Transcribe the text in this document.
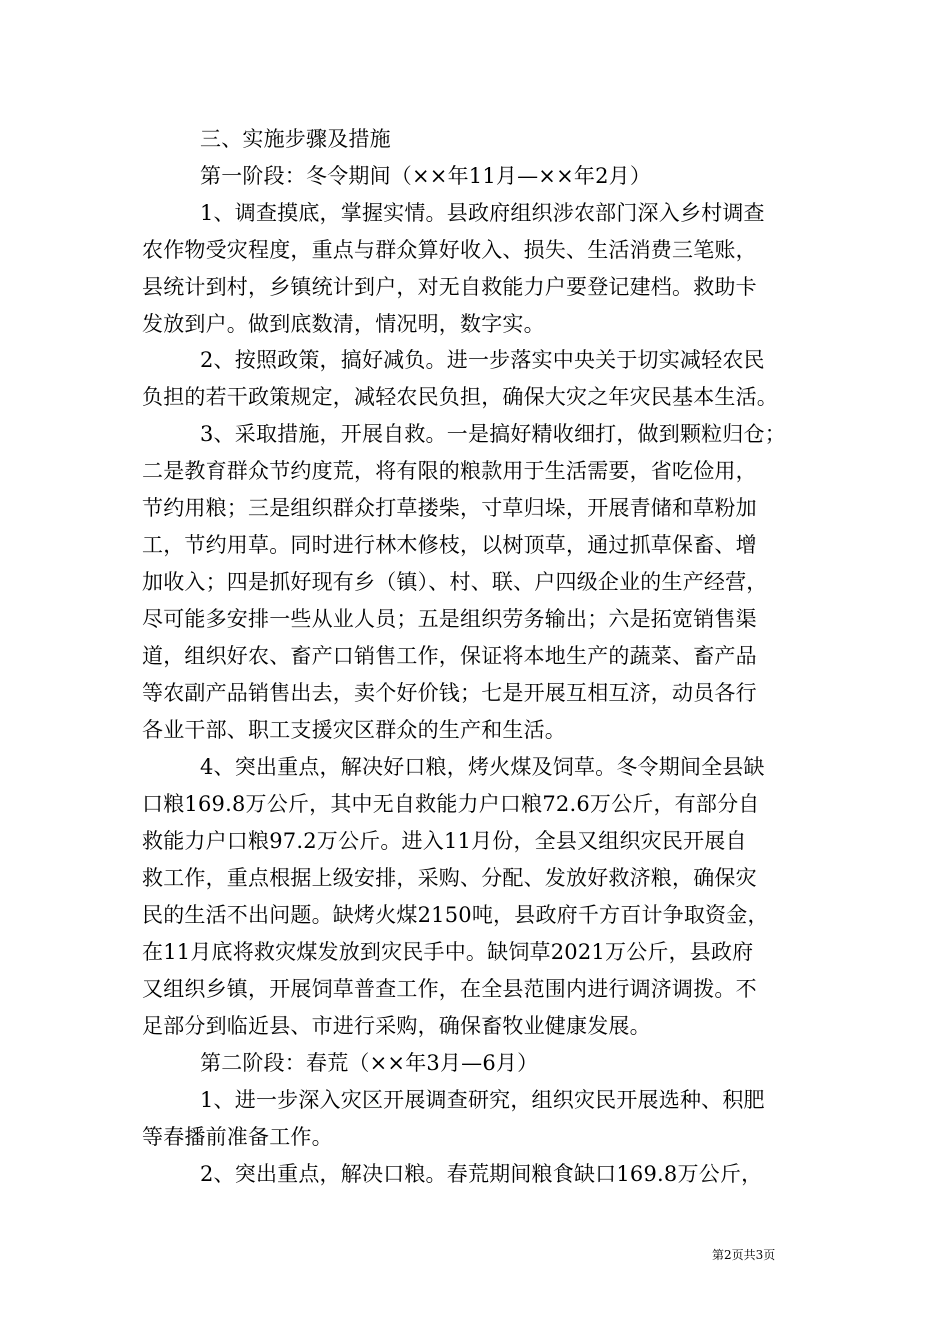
三、实施步骤及措施
第一阶段：冬令期间（××年11月—××年2月）
1、调查摸底，掌握实情。县政府组织涉农部门深入乡村调查
农作物受灾程度，重点与群众算好收入、损失、生活消费三笔账，
县统计到村，乡镇统计到户，对无自救能力户要登记建档。救助卡
发放到户。做到底数清，情况明，数字实。
2、按照政策，搞好减负。进一步落实中央关于切实减轻农民
负担的若干政策规定，减轻农民负担，确保大灾之年灾民基本生活。
3、采取措施，开展自救。一是搞好精收细打，做到颗粒归仓；
二是教育群众节约度荒，将有限的粮款用于生活需要，省吃俭用，
节约用粮；三是组织群众打草搂柴，寸草归垛，开展青储和草粉加
工，节约用草。同时进行林木修枝，以树顶草，通过抓草保畜、增
加收入；四是抓好现有乡（镇）、村、联、户四级企业的生产经营，
尽可能多安排一些从业人员；五是组织劳务输出；六是拓宽销售渠
道，组织好农、畜产口销售工作，保证将本地生产的蔬菜、畜产品
等农副产品销售出去，卖个好价钱；七是开展互相互济，动员各行
各业干部、职工支援灾区群众的生产和生活。
4、突出重点，解决好口粮，烤火煤及饲草。冬令期间全县缺
口粮169.8万公斤，其中无自救能力户口粮72.6万公斤，有部分自
救能力户口粮97.2万公斤。进入11月份，全县又组织灾民开展自
救工作，重点根据上级安排，采购、分配、发放好救济粮，确保灾
民的生活不出问题。缺烤火煤2150吨，县政府千方百计争取资金，
在11月底将救灾煤发放到灾民手中。缺饲草2021万公斤，县政府
又组织乡镇，开展饲草普查工作，在全县范围内进行调济调拨。不
足部分到临近县、市进行采购，确保畜牧业健康发展。
第二阶段：春荒（××年3月—6月）
1、进一步深入灾区开展调查研究，组织灾民开展选种、积肥
等春播前准备工作。
2、突出重点，解决口粮。春荒期间粮食缺口169.8万公斤，
第2页共3页
